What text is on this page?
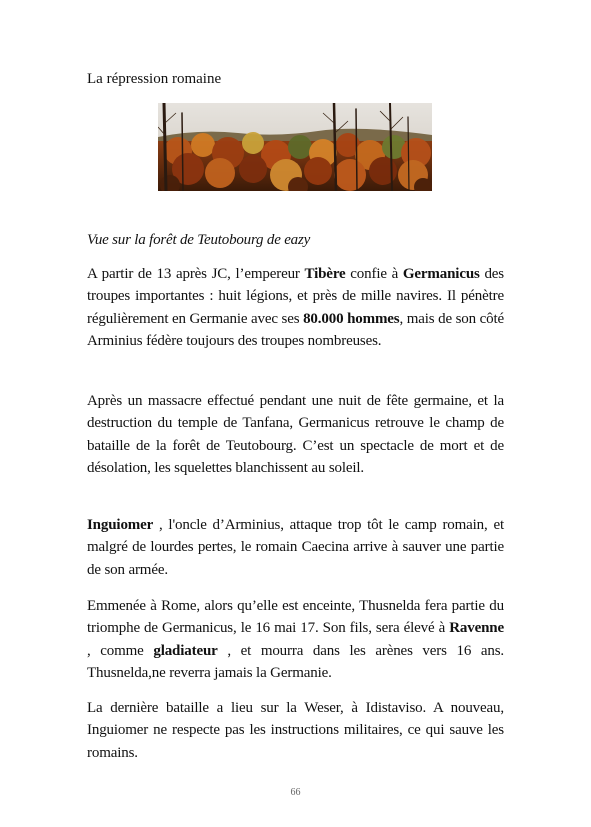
La répression romaine

Vue sur la forêt de Teutobourg de eazy

A partir de 13 après JC, l’empereur Tibère confie à Germanicus des troupes importantes : huit légions, et près de mille navires. Il pénètre régulièrement en Germanie avec ses 80.000 hommes, mais de son côté Arminius fédère toujours des troupes nombreuses.

Après un massacre effectué pendant une nuit de fête germaine, et la destruction du temple de Tanfana, Germanicus retrouve le champ de bataille de la forêt de Teutobourg. C’est un spectacle de mort et de désolation, les squelettes blanchissent au soleil.

Inguiomer , l'oncle d’Arminius, attaque trop tôt le camp romain, et malgré de lourdes pertes, le romain Caecina arrive à sauver une partie de son armée.

Emmenée à Rome, alors qu’elle est enceinte, Thusnelda fera partie du triomphe de Germanicus, le 16 mai 17. Son fils, sera élevé à Ravenne , comme gladiateur , et mourra dans les arènes vers 16 ans. Thusnelda,ne reverra jamais la Germanie.

La dernière bataille a lieu sur la Weser, à Idistaviso. A nouveau, Inguiomer ne respecte pas les instructions militaires, ce qui sauve les romains.

66
